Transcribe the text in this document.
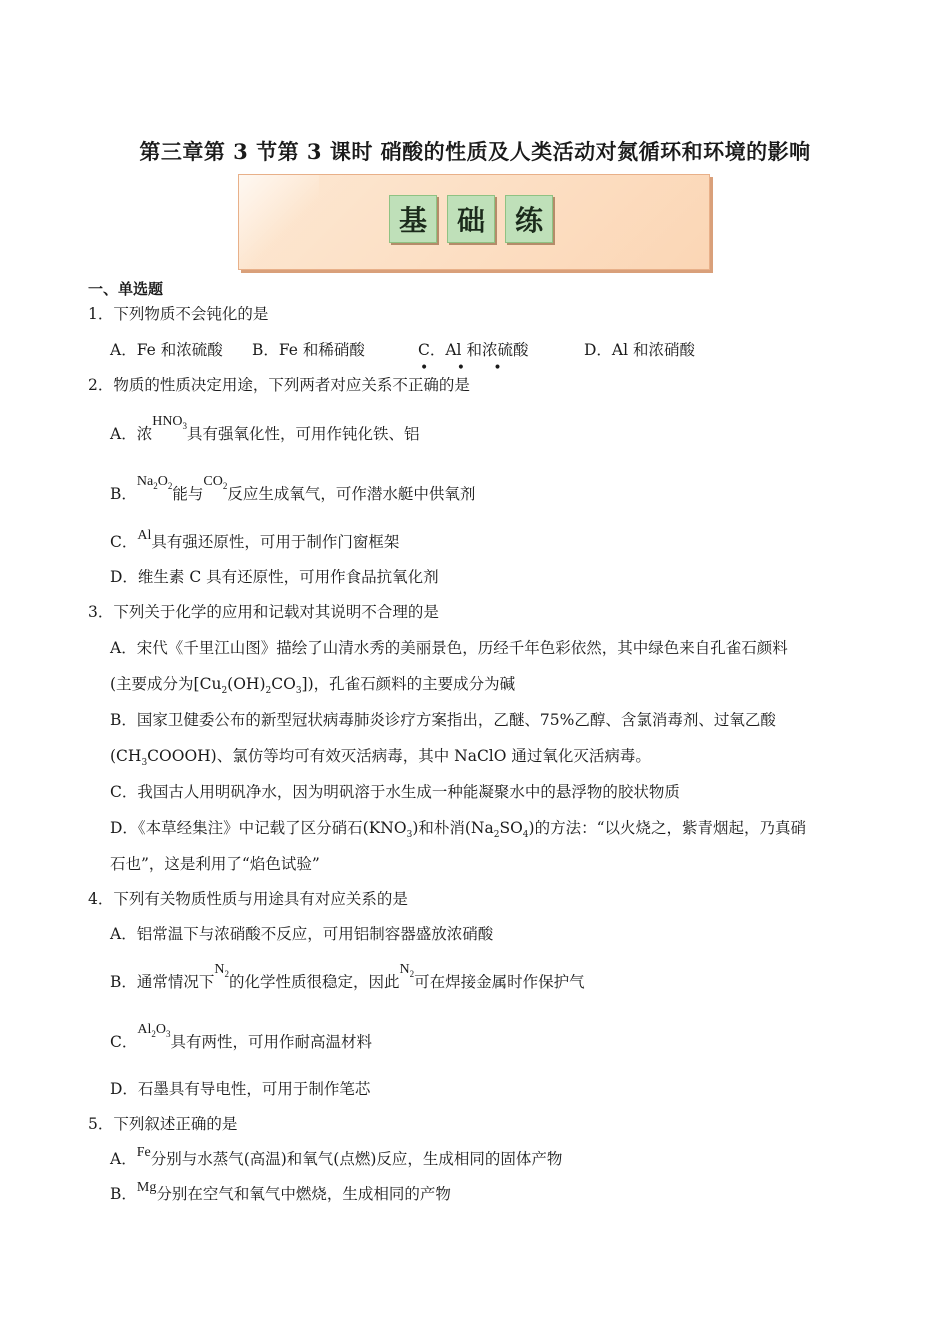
第三章第 3 节第 3 课时 硝酸的性质及人类活动对氮循环和环境的影响
基	础	练
一、单选题
1．下列物质不会钝化的是
A．Fe 和浓硫酸 B．Fe 和稀硝酸	C．Al 和浓硫酸	D．Al 和浓硝酸
2．物质的性质决定用途，下列两者对应关系不正确的是
• • •
A．浓$HNO_3$具有强氧化性，可用作钝化铁、铝
B．$Na_2O_2$能与$CO_2$反应生成氧气，可作潜水艇中供氧剂
C．Al具有强还原性，可用于制作门窗框架
D．维生素 C 具有还原性，可用作食品抗氧化剂
3．下列关于化学的应用和记载对其说明不合理的是
A．宋代《千里江山图》描绘了山清水秀的美丽景色，历经千年色彩依然，其中绿色来自孔雀石颜料
(主要成分为$[Cu_2(OH)_2CO_3]$)，孔雀石颜料的主要成分为碱
B．国家卫健委公布的新型冠状病毒肺炎诊疗方案指出，乙醚、75%乙醇、含氯消毒剂、过氧乙酸
$(CH_3COOOH)$、氯仿等均可有效灭活病毒，其中 NaClO 通过氧化灭活病毒。
C．我国古人用明矾净水，因为明矾溶于水生成一种能凝聚水中的悬浮物的胶状物质
D．《本草经集注》中记载了区分硝石$(KNO_3)$和朴消$(Na_2SO_4)$的方法：“以火烧之，紫青烟起，乃真硝
石也”，这是利用了“焰色试验”
4．下列有关物质性质与用途具有对应关系的是
A．铝常温下与浓硝酸不反应，可用铝制容器盛放浓硝酸
B．通常情况下$N_2$的化学性质很稳定，因此$N_2$可在焊接金属时作保护气
C．$Al_2O_3$具有两性，可用作耐高温材料
D．石墨具有导电性，可用于制作笔芯
5．下列叙述正确的是
A．Fe分别与水蒸气(高温)和氧气(点燃)反应，生成相同的固体产物
B．Mg分别在空气和氧气中燃烧，生成相同的产物
